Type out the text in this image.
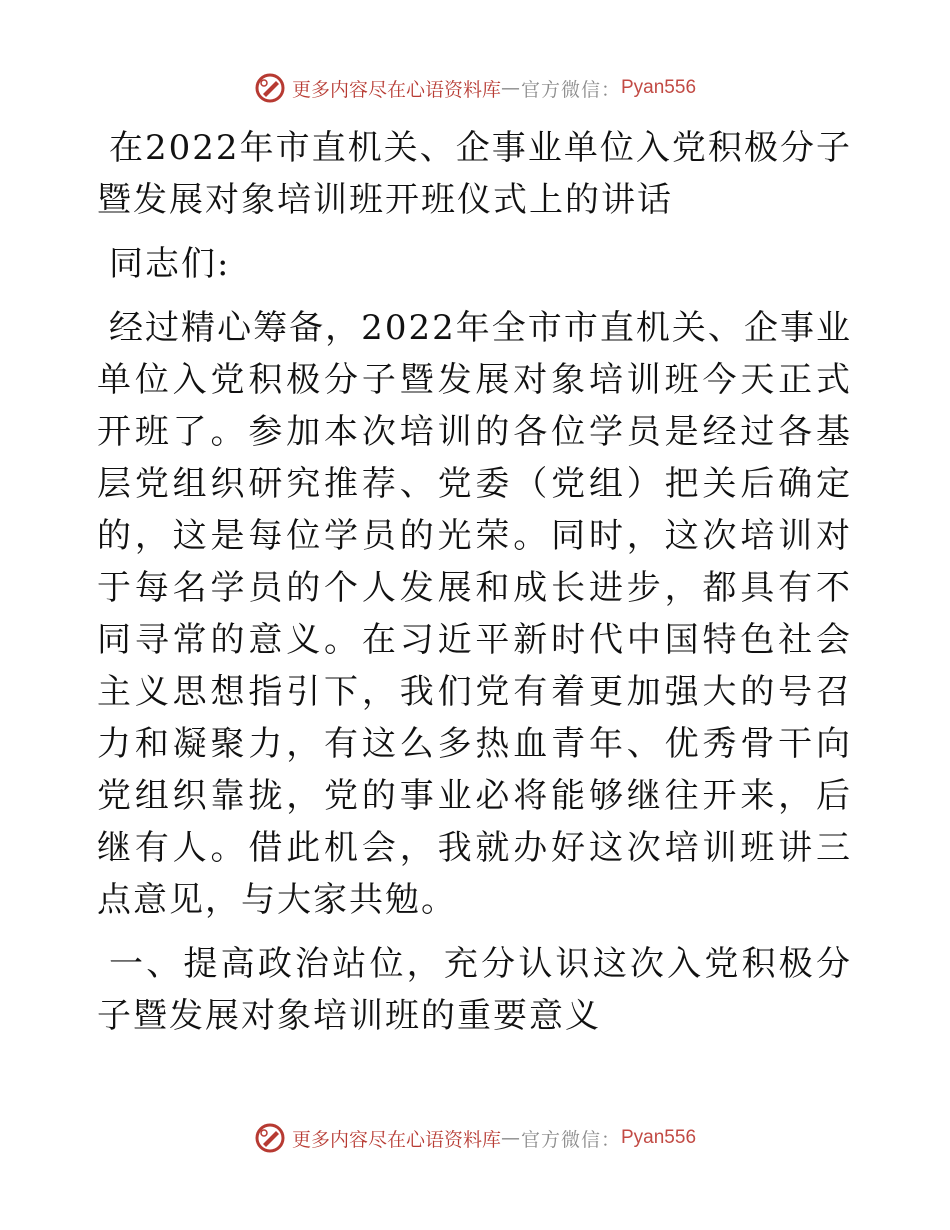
更多内容尽在心语资料库 — 官方微信： Pyan556
在2022年市直机关、企事业单位入党积极分子暨发展对象培训班开班仪式上的讲话
同志们:
经过精心筹备，2022年全市市直机关、企事业单位入党积极分子暨发展对象培训班今天正式开班了。参加本次培训的各位学员是经过各基层党组织研究推荐、党委（党组）把关后确定的，这是每位学员的光荣。同时，这次培训对于每名学员的个人发展和成长进步，都具有不同寻常的意义。在习近平新时代中国特色社会主义思想指引下，我们党有着更加强大的号召力和凝聚力，有这么多热血青年、优秀骨干向党组织靠拢，党的事业必将能够继往开来，后继有人。借此机会，我就办好这次培训班讲三点意见，与大家共勉。
一、提高政治站位，充分认识这次入党积极分子暨发展对象培训班的重要意义
更多内容尽在心语资料库 — 官方微信： Pyan556
